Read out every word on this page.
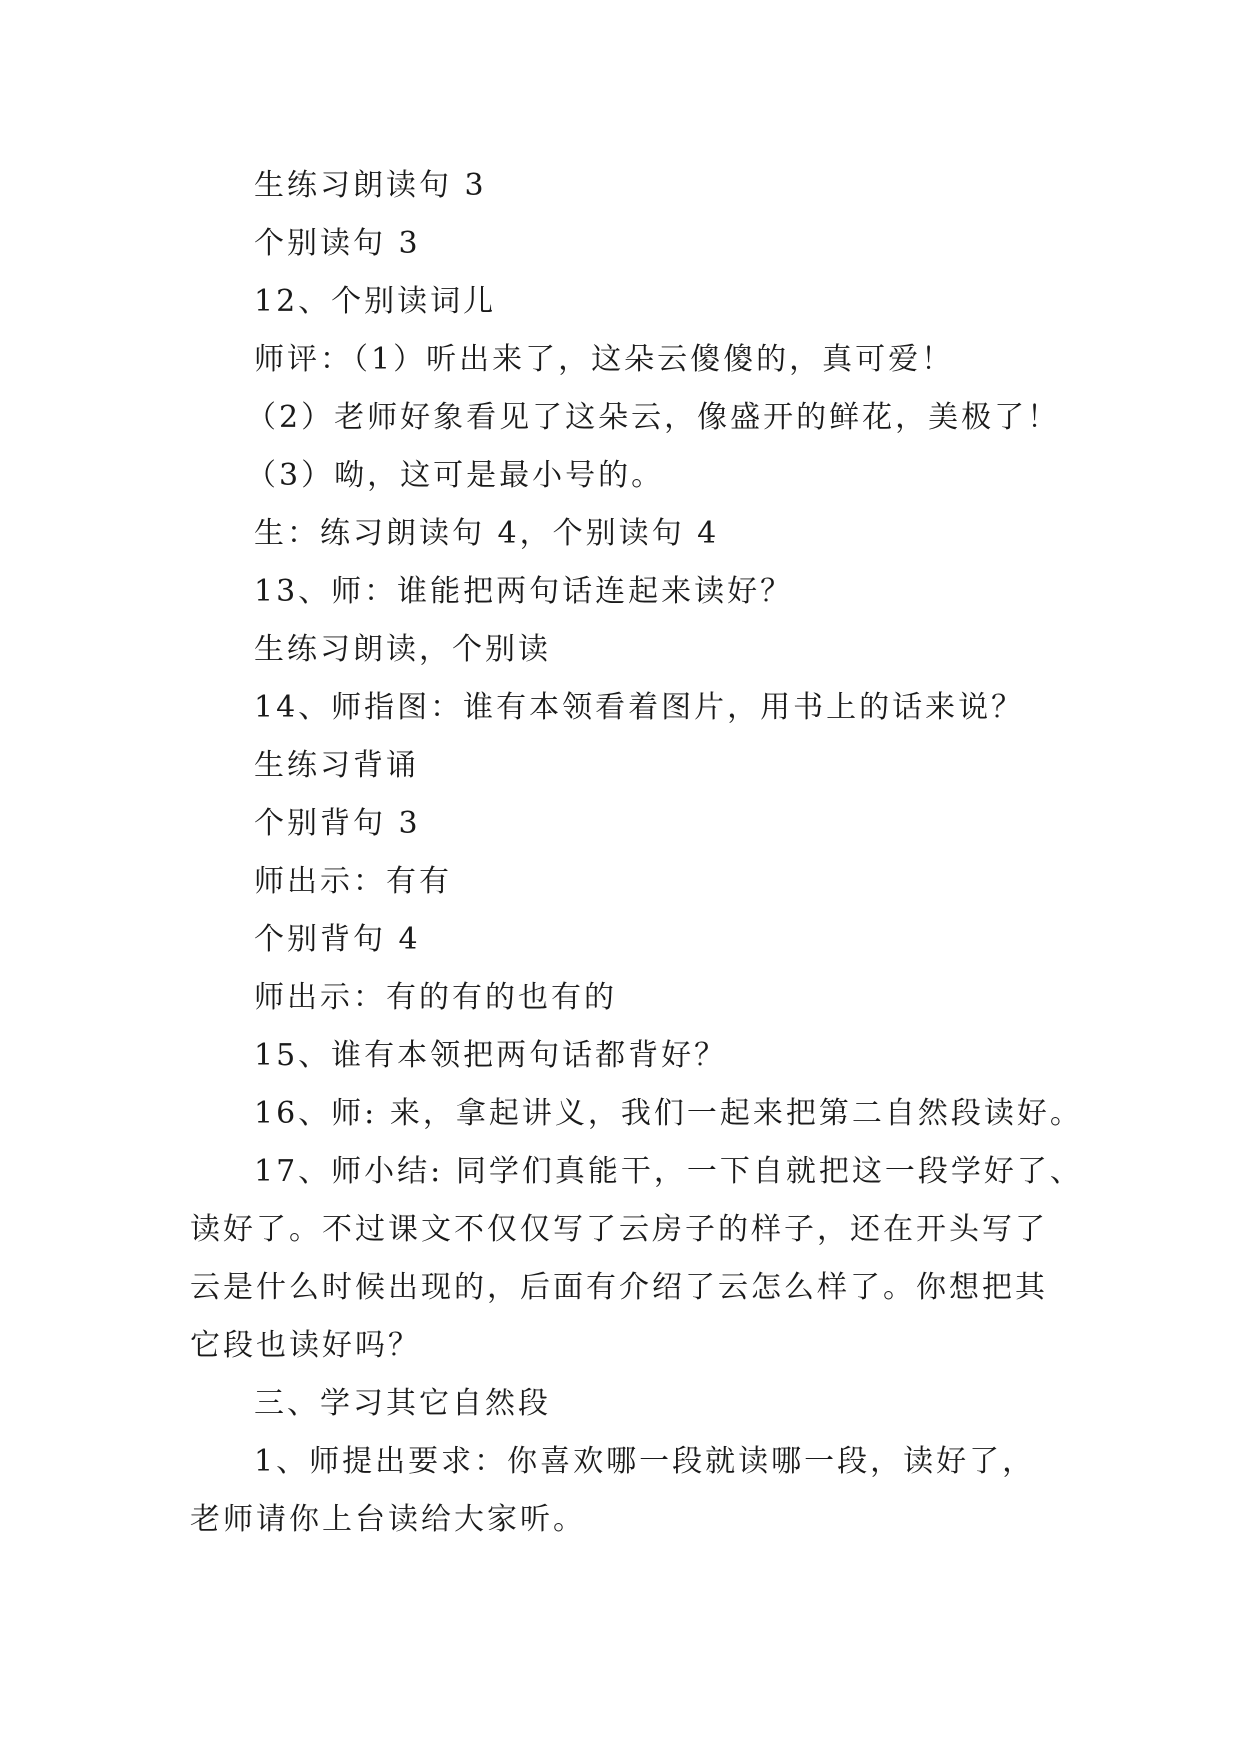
生练习朗读句 3
个别读句 3
12、个别读词儿
师评：（1）听出来了，这朵云傻傻的，真可爱！
（2）老师好象看见了这朵云，像盛开的鲜花，美极了！
（3）呦，这可是最小号的。
生：练习朗读句 4，个别读句 4
13、师：谁能把两句话连起来读好？
生练习朗读，个别读
14、师指图：谁有本领看着图片，用书上的话来说？
生练习背诵
个别背句 3
师出示：有有
个别背句 4
师出示：有的有的也有的
15、谁有本领把两句话都背好？
16、师: 来，拿起讲义，我们一起来把第二自然段读好。
17、师小结: 同学们真能干，一下自就把这一段学好了、
读好了。不过课文不仅仅写了云房子的样子，还在开头写了
云是什么时候出现的，后面有介绍了云怎么样了。你想把其
它段也读好吗？
三、学习其它自然段
1、师提出要求：你喜欢哪一段就读哪一段，读好了，
老师请你上台读给大家听。
